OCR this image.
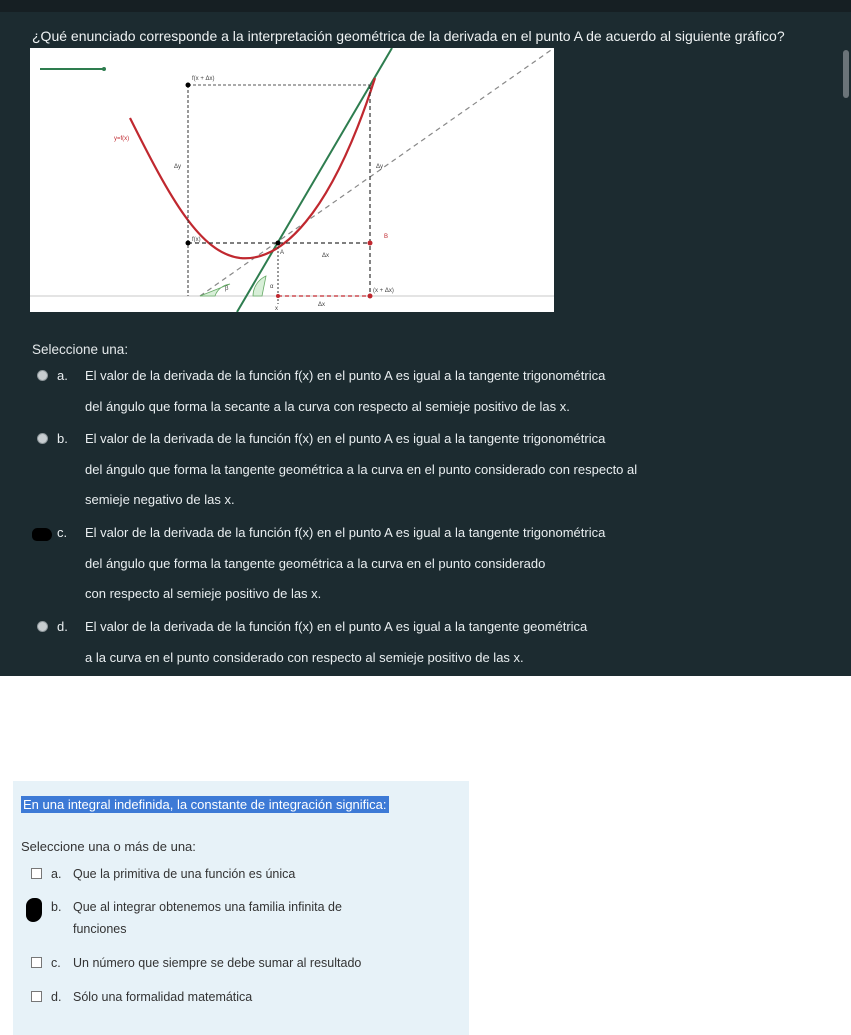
¿Qué enunciado corresponde a la interpretación geométrica de la derivada en el punto A de acuerdo al siguiente gráfico?
f(x + Δx)
y=f(x)
Δy	Δy
f(x)	B
A	Δx
(x + Δx)
Δx
x
β	α
Seleccione una:
a. El valor de la derivada de la función f(x) en el punto A es igual a la tangente trigonométrica
del ángulo que forma la secante a la curva con respecto al semieje positivo de las x.
b. El valor de la derivada de la función f(x) en el punto A es igual a la tangente trigonométrica
del ángulo que forma la tangente geométrica a la curva en el punto considerado con respecto al
semieje negativo de las x.
c. El valor de la derivada de la función f(x) en el punto A es igual a la tangente trigonométrica
del ángulo que forma la tangente geométrica a la curva en el punto considerado
con respecto al semieje positivo de las x.
d. El valor de la derivada de la función f(x) en el punto A es igual a la tangente geométrica
a la curva en el punto considerado con respecto al semieje positivo de las x.
En una integral indefinida, la constante de integración significa:
Seleccione una o más de una:
a. Que la primitiva de una función es única
b. Que al integrar obtenemos una familia infinita de
funciones
c. Un número que siempre se debe sumar al resultado
d. Sólo una formalidad matemática
